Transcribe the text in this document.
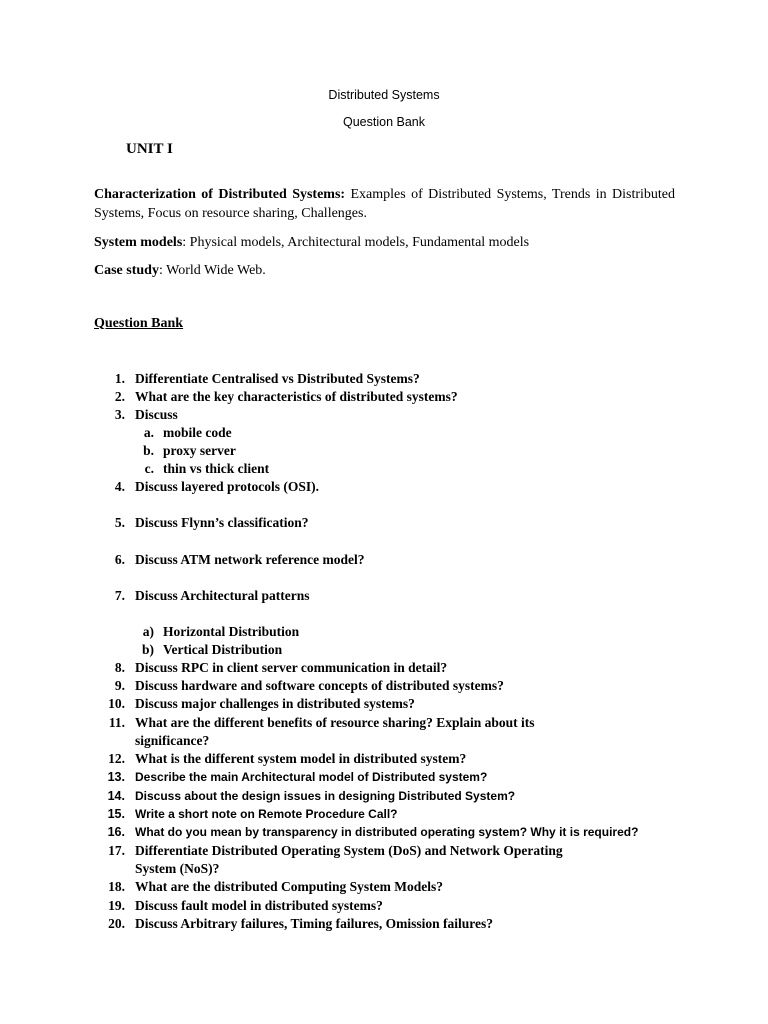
Distributed Systems
Question Bank
UNIT I
Characterization of Distributed Systems: Examples of Distributed Systems, Trends in Distributed Systems, Focus on resource sharing, Challenges.
System models: Physical models, Architectural models, Fundamental models
Case study: World Wide Web.
Question Bank
1. Differentiate Centralised vs Distributed Systems?
2. What are the key characteristics of distributed systems?
3. Discuss
a. mobile code
b. proxy server
c. thin vs thick client
4. Discuss layered protocols (OSI).
5. Discuss Flynn’s classification?
6. Discuss ATM network reference model?
7. Discuss Architectural patterns
a) Horizontal Distribution
b) Vertical Distribution
8. Discuss RPC in client server communication in detail?
9. Discuss hardware and software concepts of distributed systems?
10. Discuss major challenges in distributed systems?
11. What are the different benefits of resource sharing? Explain about its
significance?
12. What is the different system model in distributed system?
13. Describe the main Architectural model of Distributed system?
14. Discuss about the design issues in designing Distributed System?
15. Write a short note on Remote Procedure Call?
16. What do you mean by transparency in distributed operating system? Why it is required?
17. Differentiate Distributed Operating System (DoS) and Network Operating
System (NoS)?
18. What are the distributed Computing System Models?
19. Discuss fault model in distributed systems?
20. Discuss Arbitrary failures, Timing failures, Omission failures?
